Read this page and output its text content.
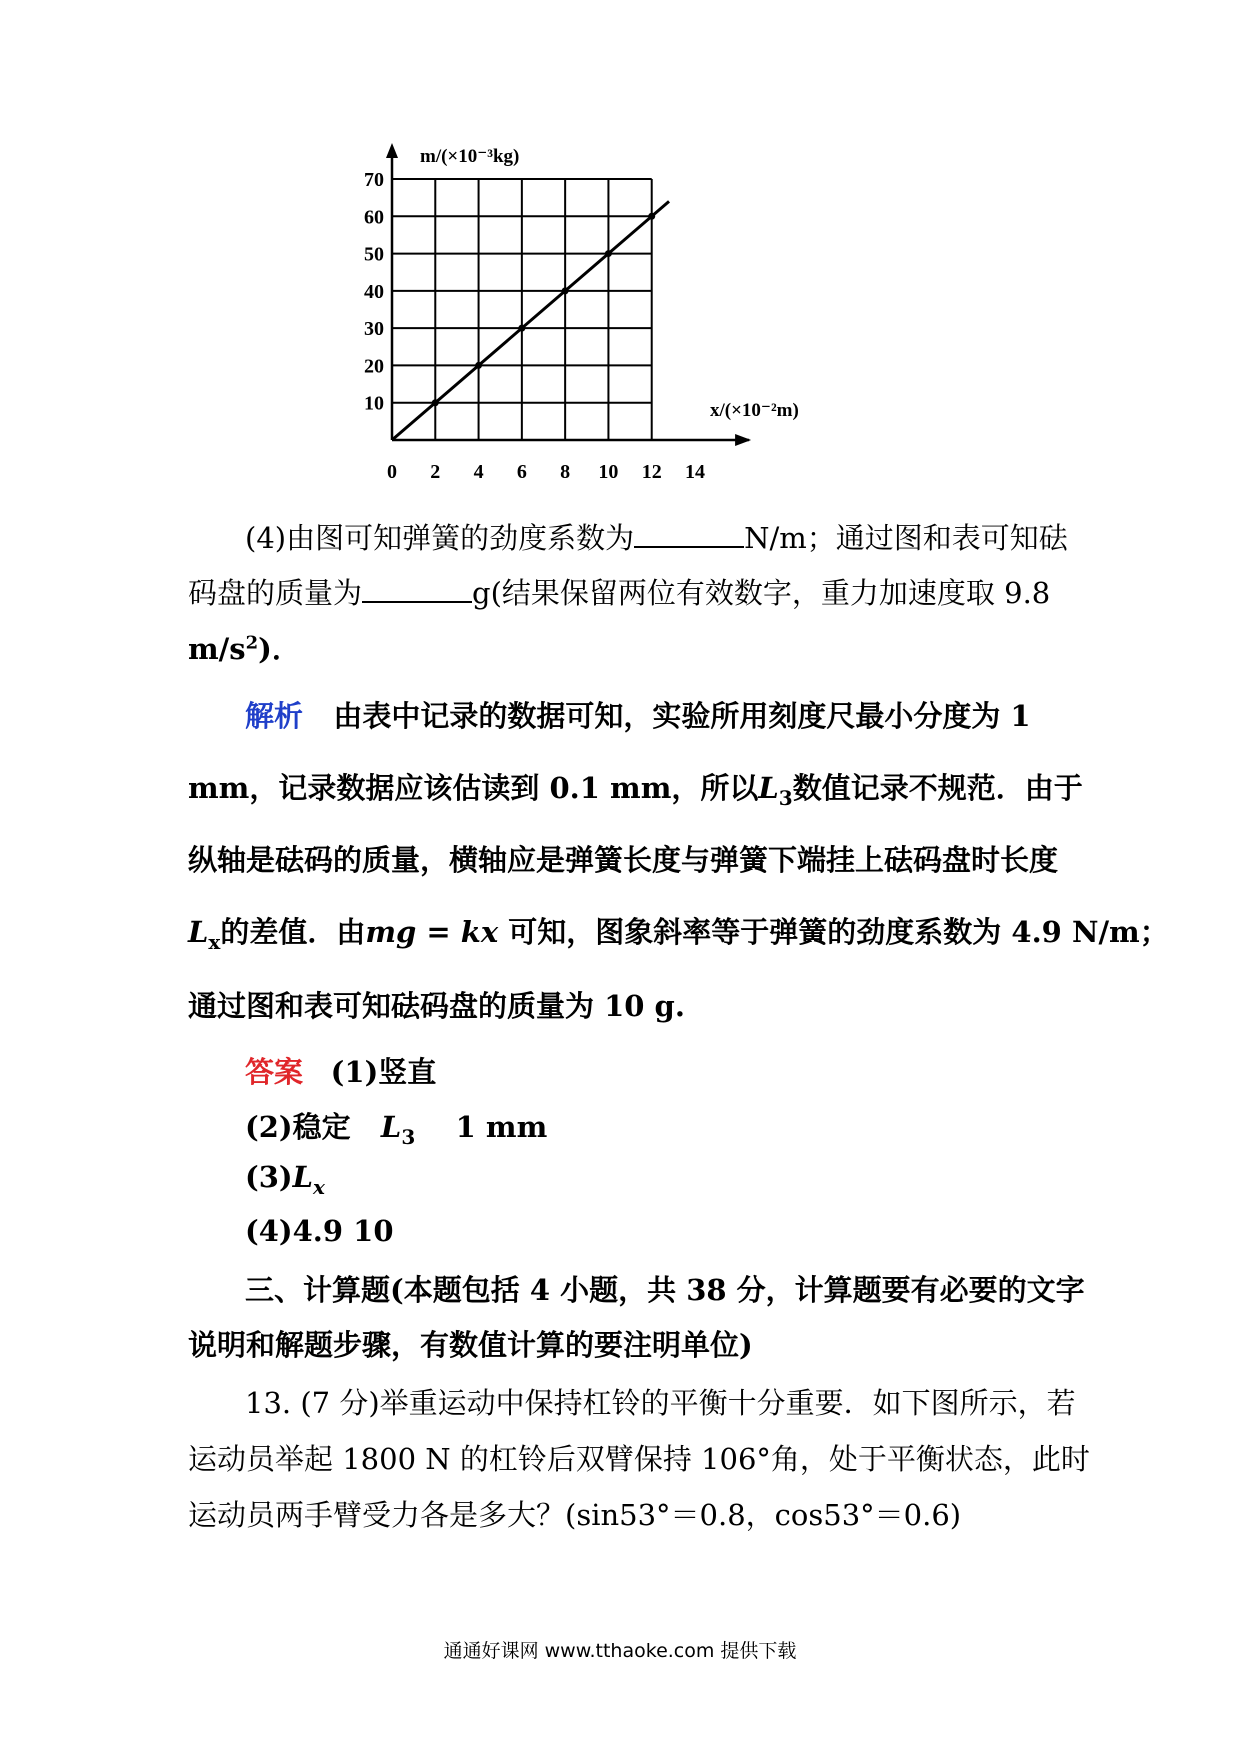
0 2 4 6 8 10 12 14
10
20
30
40
50
60
70
m/(×10⁻³kg)
x/(×10⁻²m)
(4)由图可知弹簧的劲度系数为	N/m；通过图和表可知砝
码盘的质量为	g(结果保留两位有效数字，重力加速度取 9.8
$m/s^2$)．
解析 由表中记录的数据可知，实验所用刻度尺最小分度为 1
mm，记录数据应该估读到 0.1 mm，所以$L_3$数值记录不规范．由于
纵轴是砝码的质量，横轴应是弹簧长度与弹簧下端挂上砝码盘时长度
$L_x$的差值．由mg = kx 可知，图象斜率等于弹簧的劲度系数为 4.9 N/m；
通过图和表可知砝码盘的质量为 10 g.
答案 (1)竖直
(2)稳定 $L_3$ 1 mm
$(3)L_x$
(4)4.9 10
三、计算题(本题包括 4 小题，共 38 分，计算题要有必要的文字
说明和解题步骤，有数值计算的要注明单位)
13. (7 分)举重运动中保持杠铃的平衡十分重要．如下图所示，若
运动员举起 1800 N 的杠铃后双臂保持 106°角，处于平衡状态，此时
运动员两手臂受力各是多大？(sin53°＝0.8，cos53°＝0.6)
通通好课网 www.tthaoke.com 提供下载
